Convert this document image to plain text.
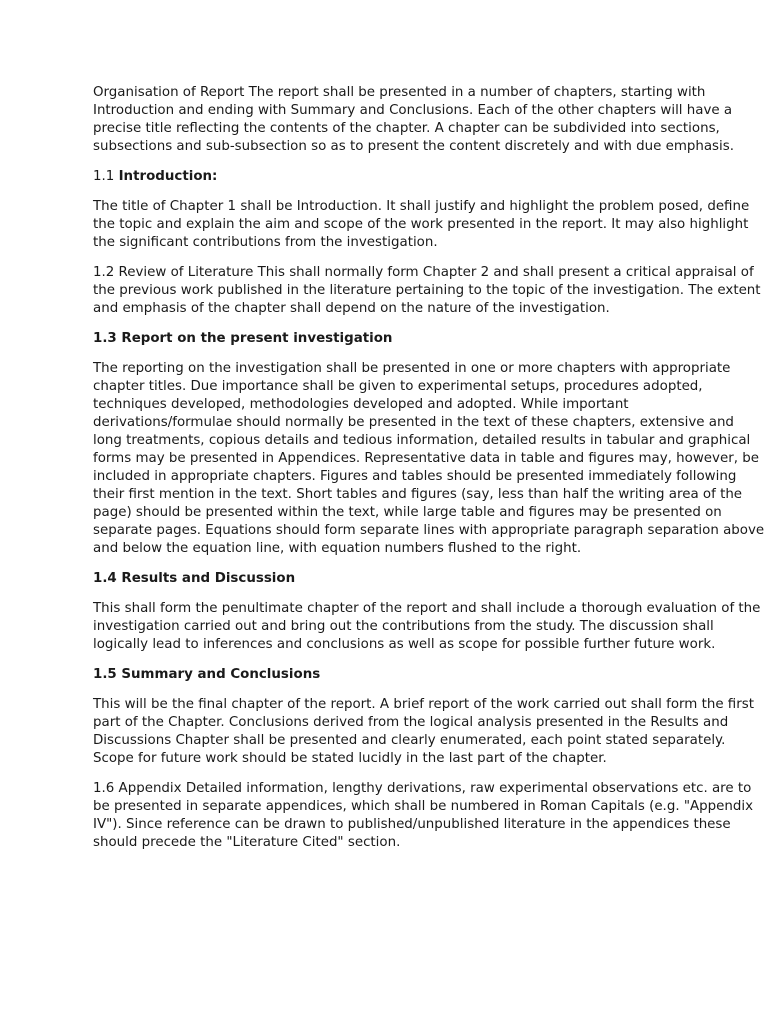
Organisation of Report The report shall be presented in a number of chapters, starting with Introduction and ending with Summary and Conclusions. Each of the other chapters will have a precise title reflecting the contents of the chapter. A chapter can be subdivided into sections, subsections and sub-subsection so as to present the content discretely and with due emphasis.

1.1 Introduction:

The title of Chapter 1 shall be Introduction. It shall justify and highlight the problem posed, define the topic and explain the aim and scope of the work presented in the report. It may also highlight the significant contributions from the investigation.

1.2 Review of Literature This shall normally form Chapter 2 and shall present a critical appraisal of the previous work published in the literature pertaining to the topic of the investigation. The extent and emphasis of the chapter shall depend on the nature of the investigation.

1.3 Report on the present investigation

The reporting on the investigation shall be presented in one or more chapters with appropriate chapter titles. Due importance shall be given to experimental setups, procedures adopted, techniques developed, methodologies developed and adopted. While important derivations/formulae should normally be presented in the text of these chapters, extensive and long treatments, copious details and tedious information, detailed results in tabular and graphical forms may be presented in Appendices. Representative data in table and figures may, however, be included in appropriate chapters. Figures and tables should be presented immediately following their first mention in the text. Short tables and figures (say, less than half the writing area of the page) should be presented within the text, while large table and figures may be presented on separate pages. Equations should form separate lines with appropriate paragraph separation above and below the equation line, with equation numbers flushed to the right.

1.4 Results and Discussion

This shall form the penultimate chapter of the report and shall include a thorough evaluation of the investigation carried out and bring out the contributions from the study. The discussion shall logically lead to inferences and conclusions as well as scope for possible further future work.

1.5 Summary and Conclusions

This will be the final chapter of the report. A brief report of the work carried out shall form the first part of the Chapter. Conclusions derived from the logical analysis presented in the Results and Discussions Chapter shall be presented and clearly enumerated, each point stated separately. Scope for future work should be stated lucidly in the last part of the chapter.

1.6 Appendix Detailed information, lengthy derivations, raw experimental observations etc. are to be presented in separate appendices, which shall be numbered in Roman Capitals (e.g. "Appendix IV"). Since reference can be drawn to published/unpublished literature in the appendices these should precede the "Literature Cited" section.
